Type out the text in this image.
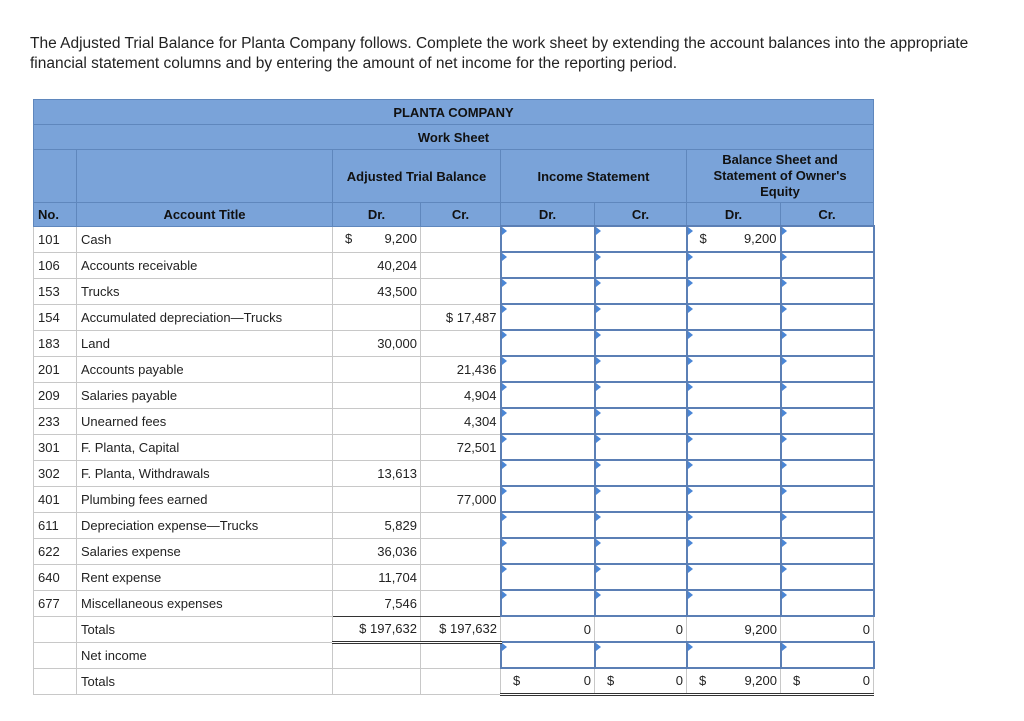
The Adjusted Trial Balance for Planta Company follows. Complete the work sheet by extending the account balances into the appropriate financial statement columns and by entering the amount of net income for the reporting period.
PLANTA COMPANY							
Work Sheet							
		Adjusted Trial Balance		Income Statement		Balance Sheet and Statement of Owner's Equity	
No.	Account Title	Dr.	Cr.	Dr.	Cr.	Dr.	Cr.
101	Cash	$ 9,200				$ 9,200	

106	Accounts receivable	40,204					
153	Trucks	43,500					
154	Accumulated depreciation—Trucks		$ 17,487				
183	Land	30,000					
201	Accounts payable		21,436				
209	Salaries payable		4,904				
233	Unearned fees		4,304				
301	F. Planta, Capital		72,501				
302	F. Planta, Withdrawals	13,613					
401	Plumbing fees earned		77,000				
611	Depreciation expense—Trucks	5,829					
622	Salaries expense	36,036					
640	Rent expense	11,704					
677	Miscellaneous expenses	7,546					
	Totals	$ 197,632	$ 197,632	0	0	9,200	0
	Net income						
	Totals			$ 0	$ 0	$ 9,200	$ 0
